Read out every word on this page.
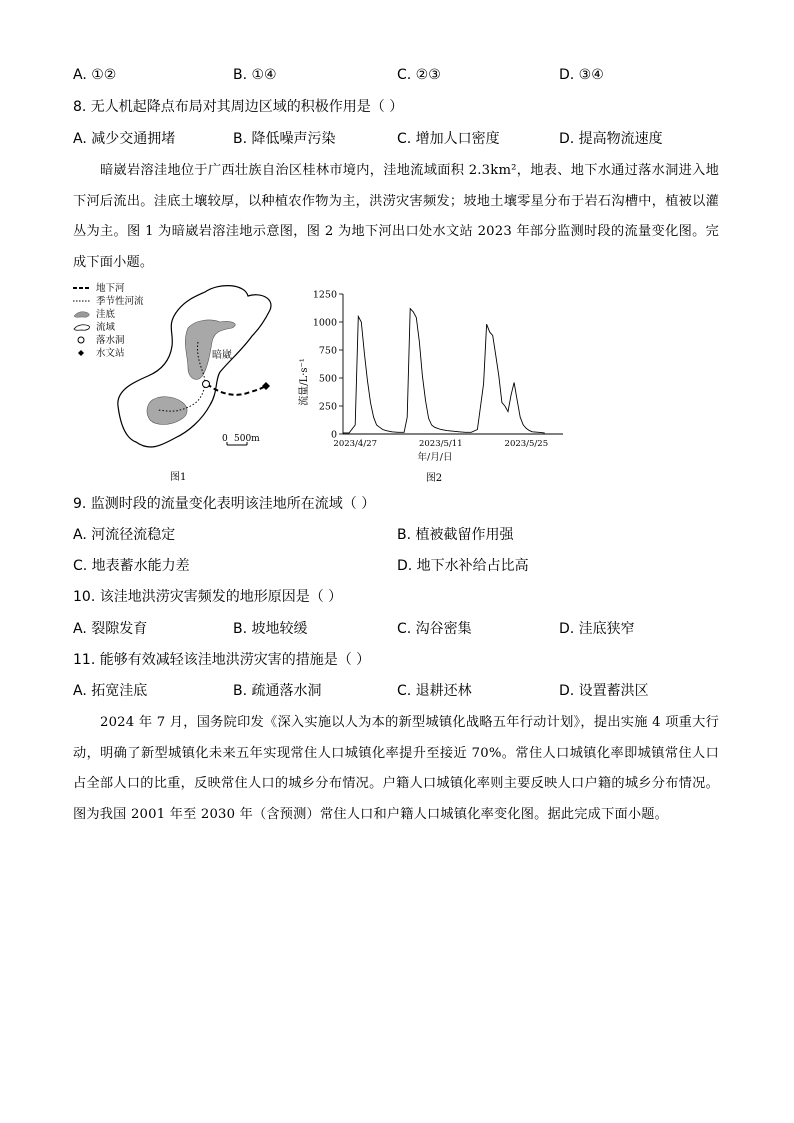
A. ①②	B. ①④	C. ②③	D. ③④
8. 无人机起降点布局对其周边区域的积极作用是（ ）
A. 减少交通拥堵	B. 降低噪声污染	C. 增加人口密度	D. 提高物流速度
暗崴岩溶洼地位于广西壮族自治区桂林市境内，洼地流域面积 2.3km²，地表、地下水通过落水洞进入地下河后流出。洼底土壤较厚，以种植农作物为主，洪涝灾害频发；坡地土壤零星分布于岩石沟槽中，植被以灌丛为主。图 1 为暗崴岩溶洼地示意图，图 2 为地下河出口处水文站 2023 年部分监测时段的流量变化图。完成下面小题。
暗崴
0 500m
图1
地下河
季节性河流
洼底
流域
落水洞
水文站
0
250
500
750
1000
1250
2023/4/27	2023/5/11	2023/5/25
流量/L·s⁻¹
年/月/日
图2
9. 监测时段的流量变化表明该洼地所在流域（ ）
A. 河流径流稳定	B. 植被截留作用强
C. 地表蓄水能力差	D. 地下水补给占比高
10. 该洼地洪涝灾害频发的地形原因是（ ）
A. 裂隙发育	B. 坡地较缓	C. 沟谷密集	D. 洼底狭窄
11. 能够有效减轻该洼地洪涝灾害的措施是（ ）
A. 拓宽洼底	B. 疏通落水洞	C. 退耕还林	D. 设置蓄洪区
2024 年 7 月，国务院印发《深入实施以人为本的新型城镇化战略五年行动计划》，提出实施 4 项重大行动，明确了新型城镇化未来五年实现常住人口城镇化率提升至接近 70%。常住人口城镇化率即城镇常住人口占全部人口的比重，反映常住人口的城乡分布情况。户籍人口城镇化率则主要反映人口户籍的城乡分布情况。图为我国 2001 年至 2030 年（含预测）常住人口和户籍人口城镇化率变化图。据此完成下面小题。
